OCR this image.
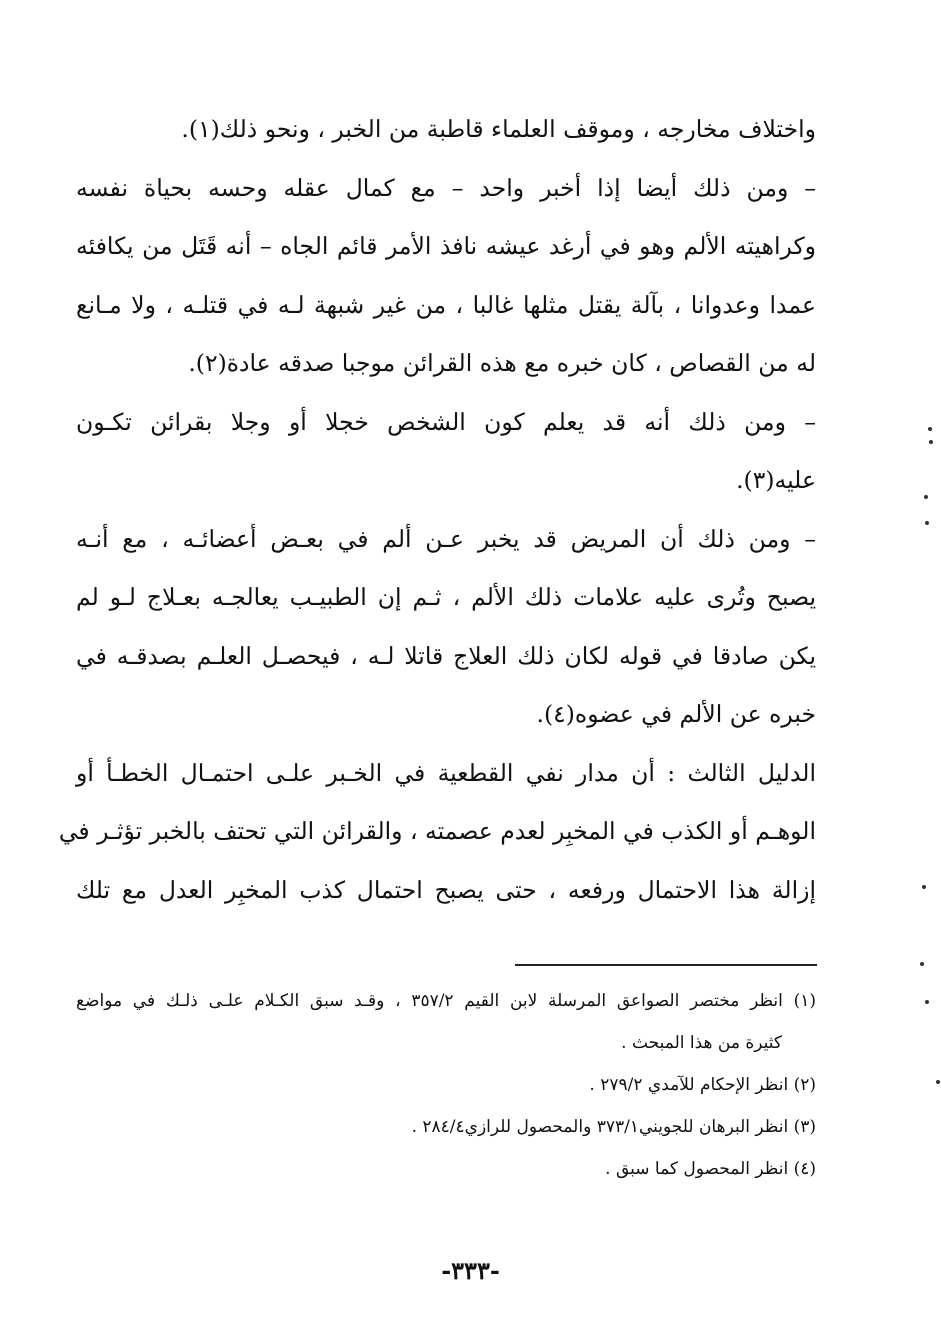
واختلاف مخارجه ، وموقف العلماء قاطبة من الخبر ، ونحو ذلك(١).
– ومن ذلك أيضا إذا أخبر واحد – مع كمال عقله وحسه بحياة نفسه
وكراهيته الألم وهو في أرغد عيشه نافذ الأمر قائم الجاه – أنه قَتَل من يكافئه
عمدا وعدوانا ، بآلة يقتل مثلها غالبا ، من غير شبهة لـه في قتلـه ، ولا مـانع
له من القصاص ، كان خبره مع هذه القرائن موجبا صدقه عادة(٢).
– ومن ذلك أنه قد يعلم كون الشخص خجلا أو وجلا بقرائن تكـون
عليه(٣).
– ومن ذلك أن المريض قد يخبر عـن ألم في بعـض أعضائـه ، مع أنـه
يصبح وتُرى عليه علامات ذلك الألم ، ثـم إن الطبيـب يعالجـه بعـلاج لـو لم
يكن صادقا في قوله لكان ذلك العلاج قاتلا لـه ، فيحصـل العلـم بصدقـه في
خبره عن الألم في عضوه(٤).
الدليل الثالث : أن مدار نفي القطعية في الخـبر علـى احتمـال الخطـأ أو
الوهـم أو الكذب في المخبِر لعدم عصمته ، والقرائن التي تحتف بالخبر تؤثـر في
إزالة هذا الاحتمال ورفعه ، حتى يصبح احتمال كذب المخبِر العدل مع تلك
(١) انظر مختصر الصواعق المرسلة لابن القيم ٣٥٧/٢ ، وقـد سبق الكـلام علـى ذلـك في مواضع
كثيرة من هذا المبحث .
(٢) انظر الإحكام للآمدي ٢٧٩/٢ .
(٣) انظر البرهان للجويني٣٧٣/١ والمحصول للرازي٢٨٤/٤ .
(٤) انظر المحصول كما سبق .
-٣٣٣-
